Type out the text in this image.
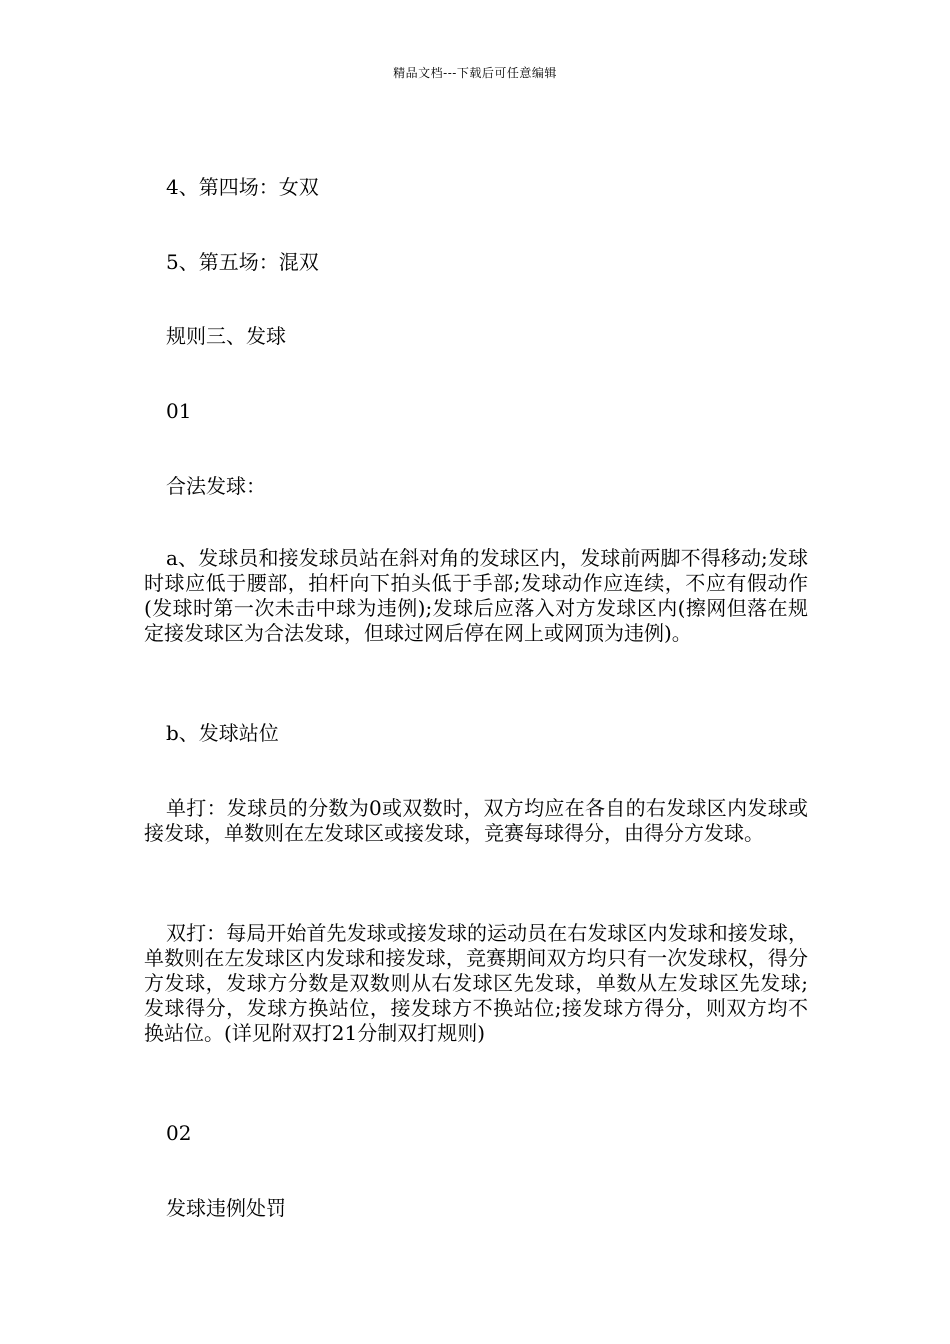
精品文档---下载后可任意编辑
4、第四场：女双
5、第五场：混双
规则三、发球
01
合法发球：
a、发球员和接发球员站在斜对角的发球区内，发球前两脚不得移动;发球时球应低于腰部，拍杆向下拍头低于手部;发球动作应连续，不应有假动作(发球时第一次未击中球为违例);发球后应落入对方发球区内(擦网但落在规定接发球区为合法发球，但球过网后停在网上或网顶为违例)。
b、发球站位
单打：发球员的分数为0或双数时，双方均应在各自的右发球区内发球或接发球，单数则在左发球区或接发球，竞赛每球得分，由得分方发球。
双打：每局开始首先发球或接发球的运动员在右发球区内发球和接发球，单数则在左发球区内发球和接发球，竞赛期间双方均只有一次发球权，得分方发球，发球方分数是双数则从右发球区先发球，单数从左发球区先发球;发球得分，发球方换站位，接发球方不换站位;接发球方得分，则双方均不换站位。(详见附双打21分制双打规则)
02
发球违例处罚
